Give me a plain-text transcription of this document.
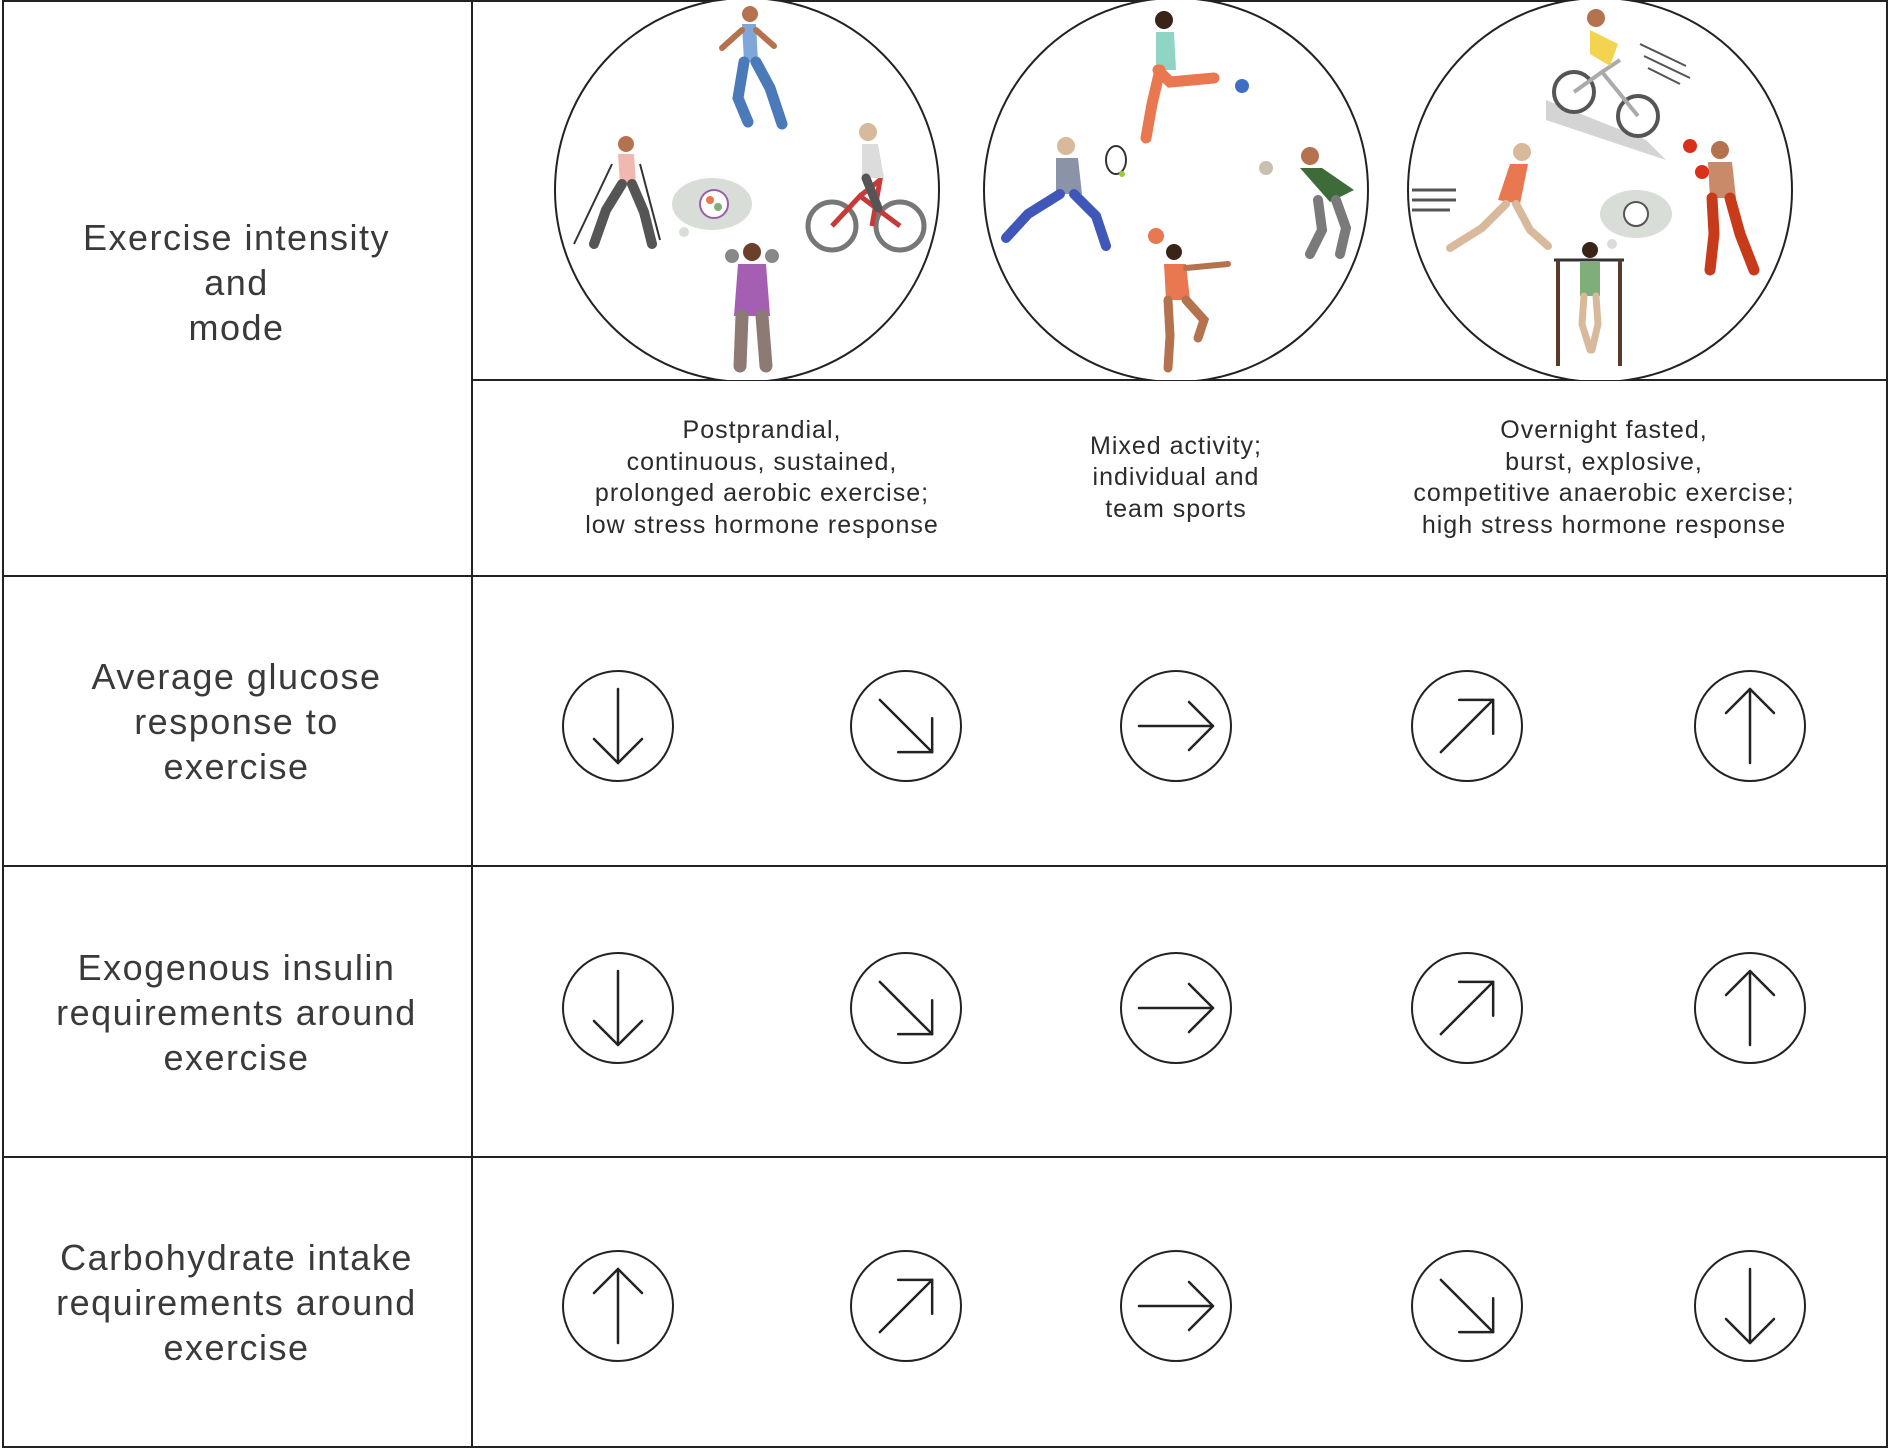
Exercise intensity
and
mode
Average glucose
response to
exercise
Exogenous insulin
requirements around
exercise
Carbohydrate intake
requirements around
exercise
Postprandial,
continuous, sustained,
prolonged aerobic exercise;
low stress hormone response
Mixed activity;
individual and
team sports
Overnight fasted,
burst, explosive,
competitive anaerobic exercise;
high stress hormone response
